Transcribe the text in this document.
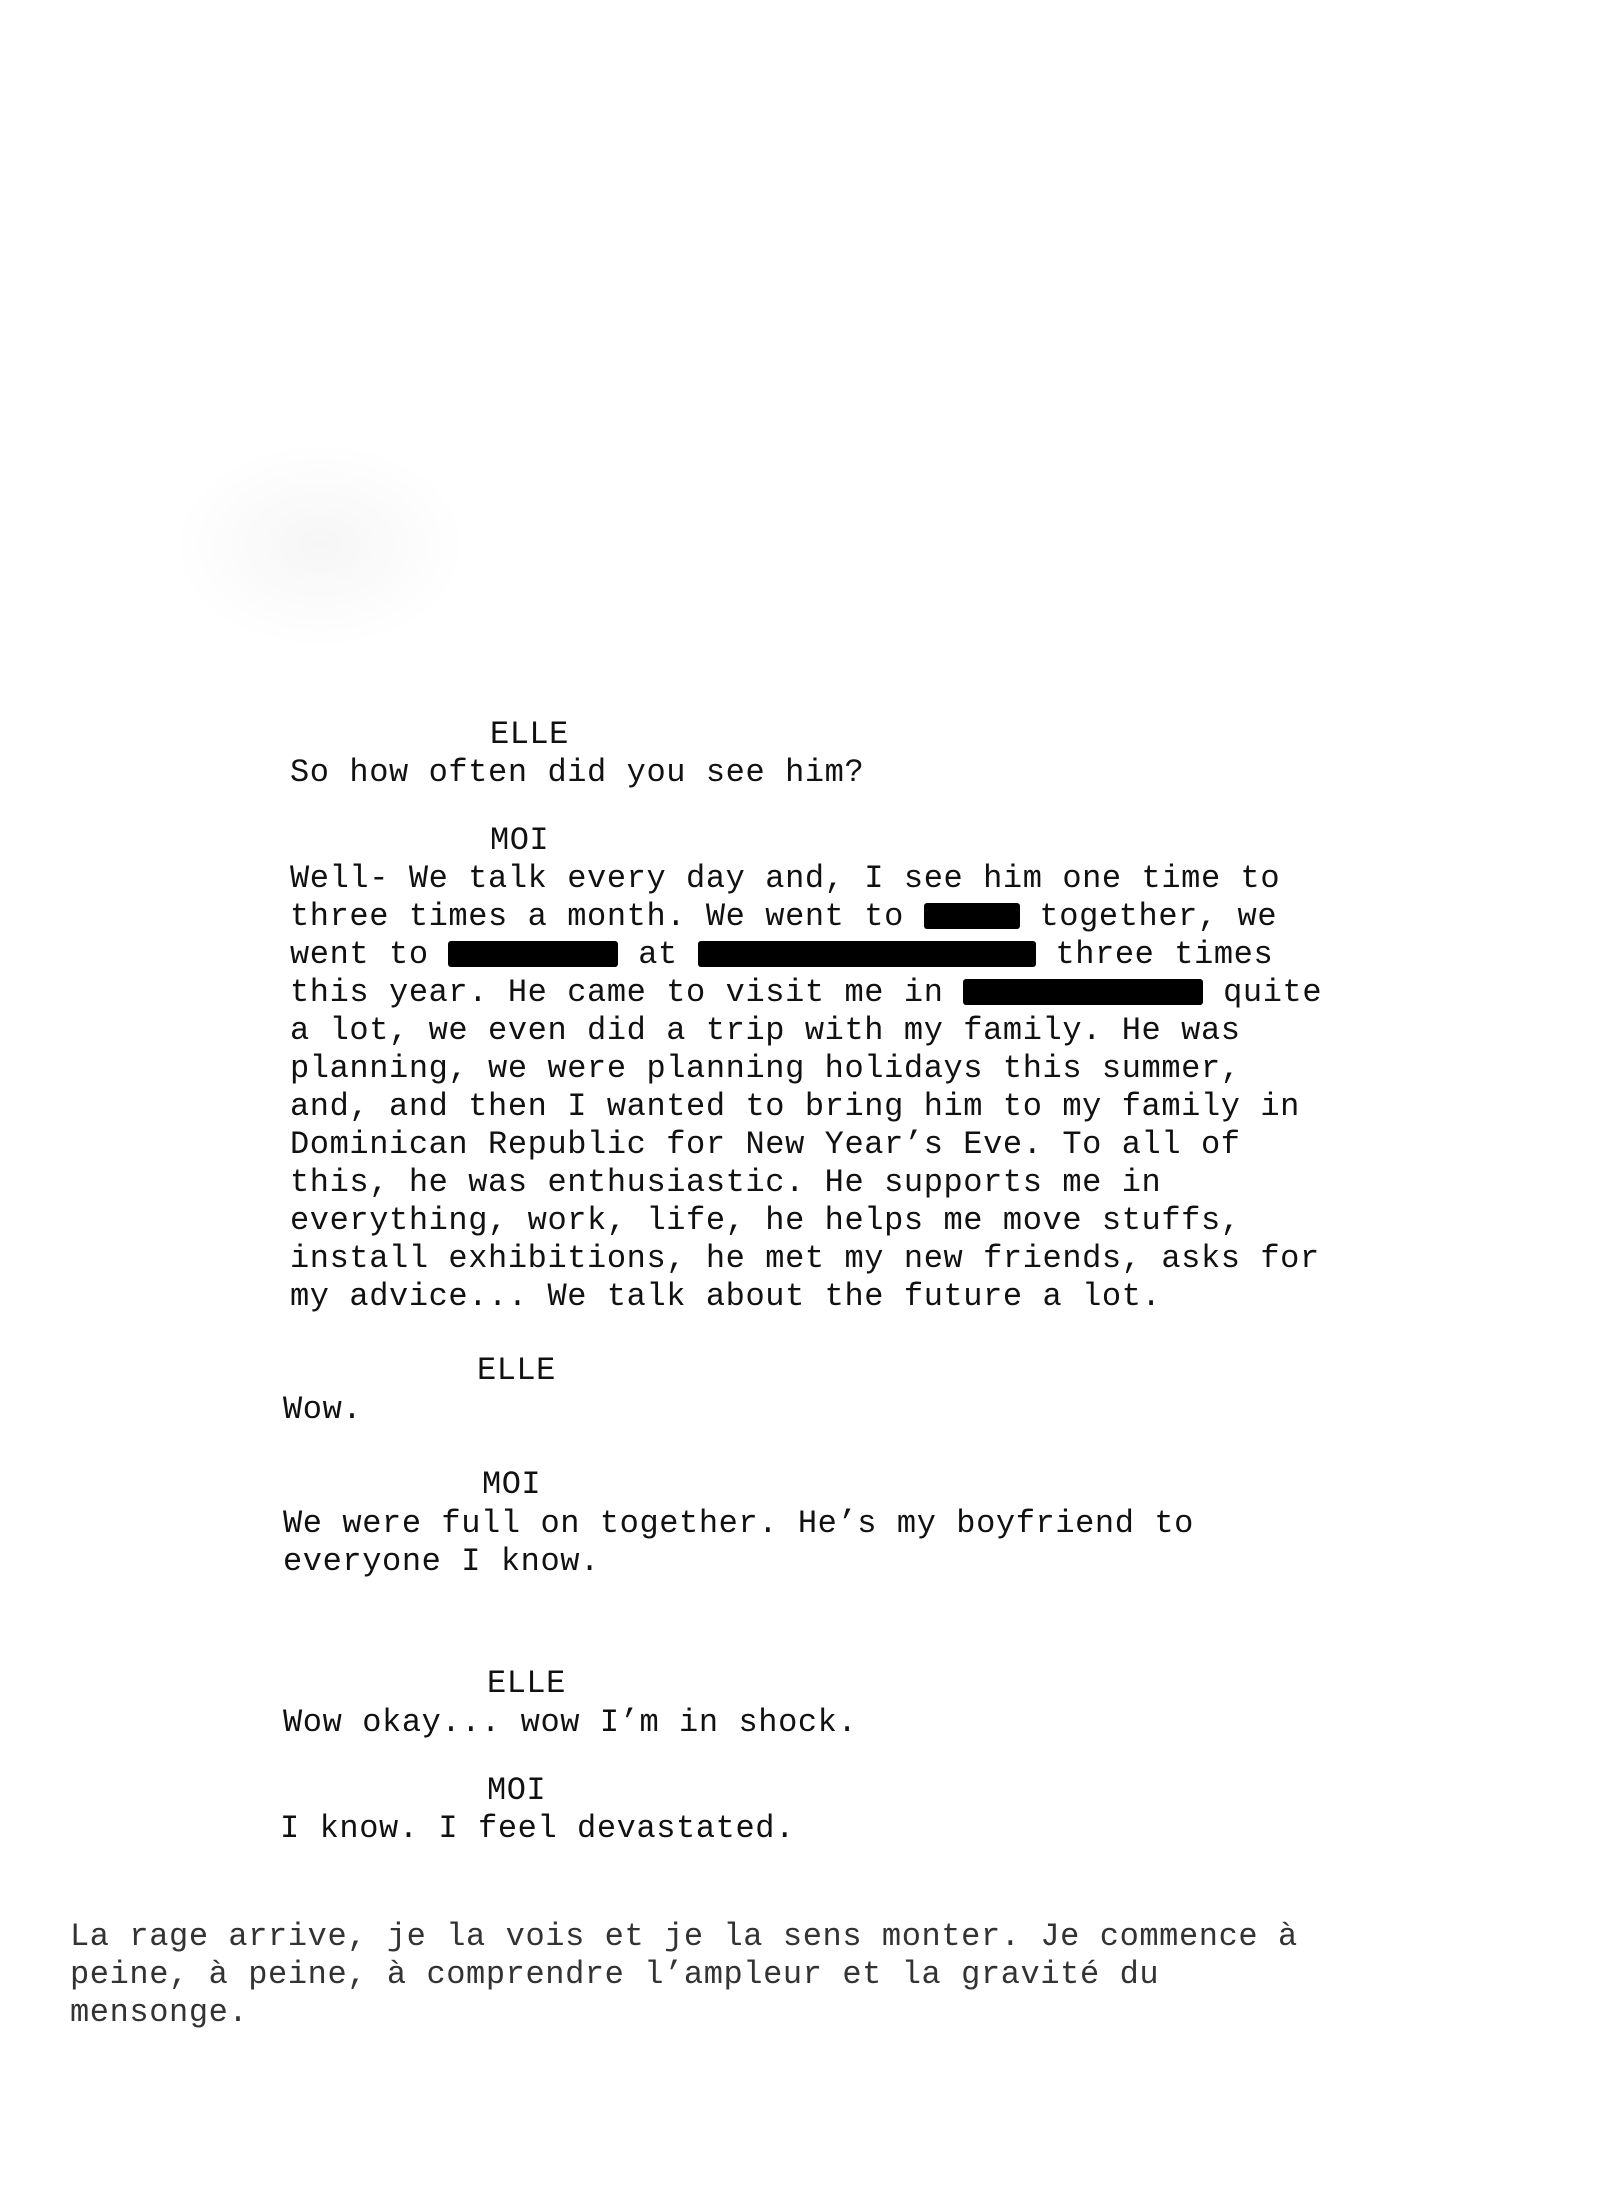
ELLE
So how often did you see him?
MOI
Well- We talk every day and, I see him one time to
three times a month. We went to	together, we
went to	at	three times
this year. He came to visit me in	quite
a lot, we even did a trip with my family. He was
planning, we were planning holidays this summer,
and, and then I wanted to bring him to my family in
Dominican Republic for New Year’s Eve. To all of
this, he was enthusiastic. He supports me in
everything, work, life, he helps me move stuffs,
install exhibitions, he met my new friends, asks for
my advice... We talk about the future a lot.
ELLE
Wow.
MOI
We were full on together. He’s my boyfriend to
everyone I know.
ELLE
Wow okay... wow I’m in shock.
MOI
I know. I feel devastated.
La rage arrive, je la vois et je la sens monter. Je commence à
peine, à peine, à comprendre l’ampleur et la gravité du
mensonge.
